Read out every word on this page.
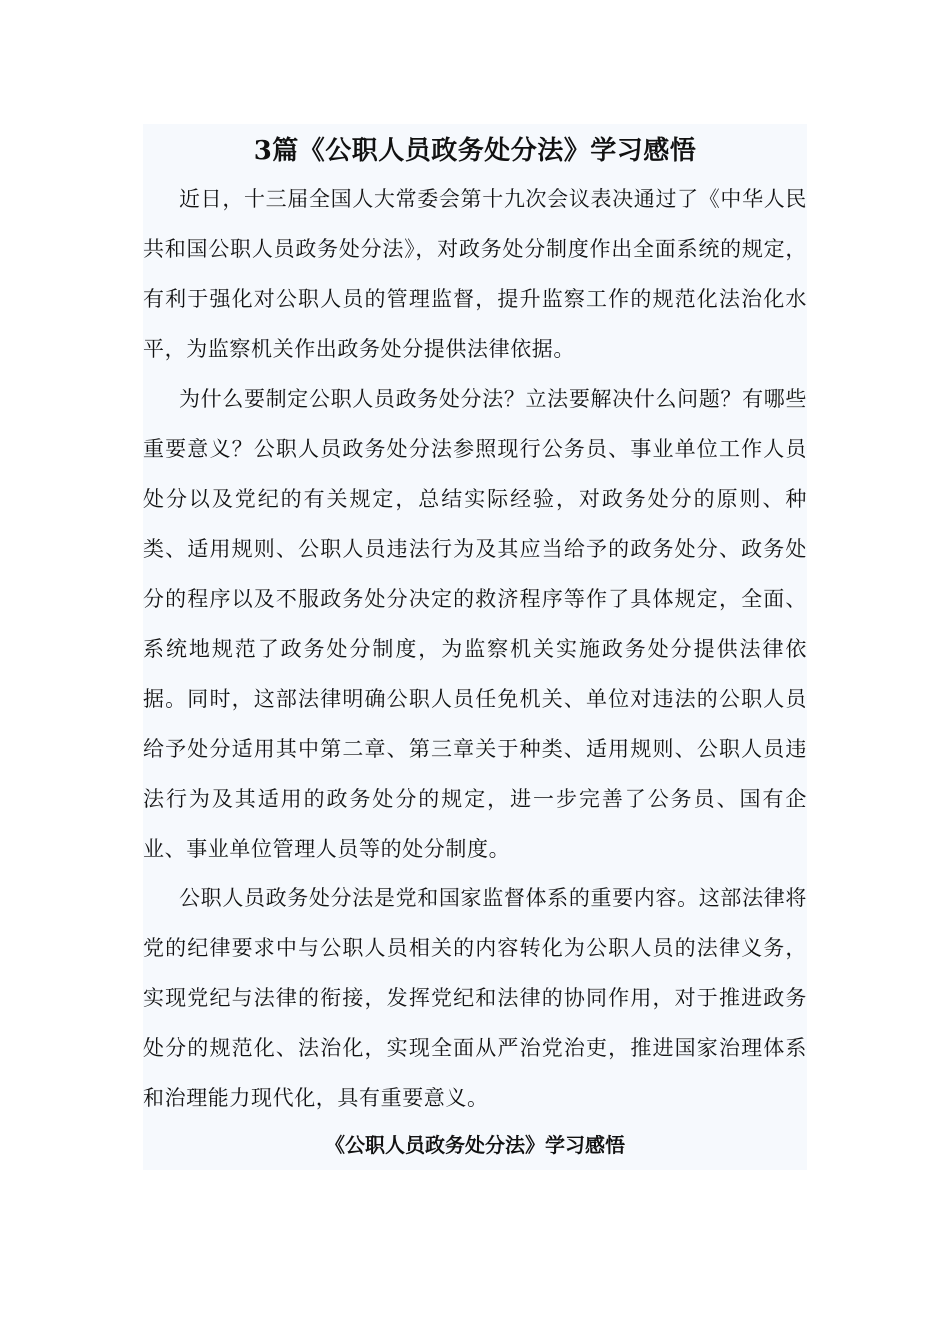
3篇《公职人员政务处分法》学习感悟

近日，十三届全国人大常委会第十九次会议表决通过了《中华人民共和国公职人员政务处分法》，对政务处分制度作出全面系统的规定，有利于强化对公职人员的管理监督，提升监察工作的规范化法治化水平，为监察机关作出政务处分提供法律依据。

为什么要制定公职人员政务处分法？立法要解决什么问题？有哪些重要意义？公职人员政务处分法参照现行公务员、事业单位工作人员处分以及党纪的有关规定，总结实际经验，对政务处分的原则、种类、适用规则、公职人员违法行为及其应当给予的政务处分、政务处分的程序以及不服政务处分决定的救济程序等作了具体规定，全面、系统地规范了政务处分制度，为监察机关实施政务处分提供法律依据。同时，这部法律明确公职人员任免机关、单位对违法的公职人员给予处分适用其中第二章、第三章关于种类、适用规则、公职人员违法行为及其适用的政务处分的规定，进一步完善了公务员、国有企业、事业单位管理人员等的处分制度。

公职人员政务处分法是党和国家监督体系的重要内容。这部法律将党的纪律要求中与公职人员相关的内容转化为公职人员的法律义务，实现党纪与法律的衔接，发挥党纪和法律的协同作用，对于推进政务处分的规范化、法治化，实现全面从严治党治吏，推进国家治理体系和治理能力现代化，具有重要意义。

《公职人员政务处分法》学习感悟
